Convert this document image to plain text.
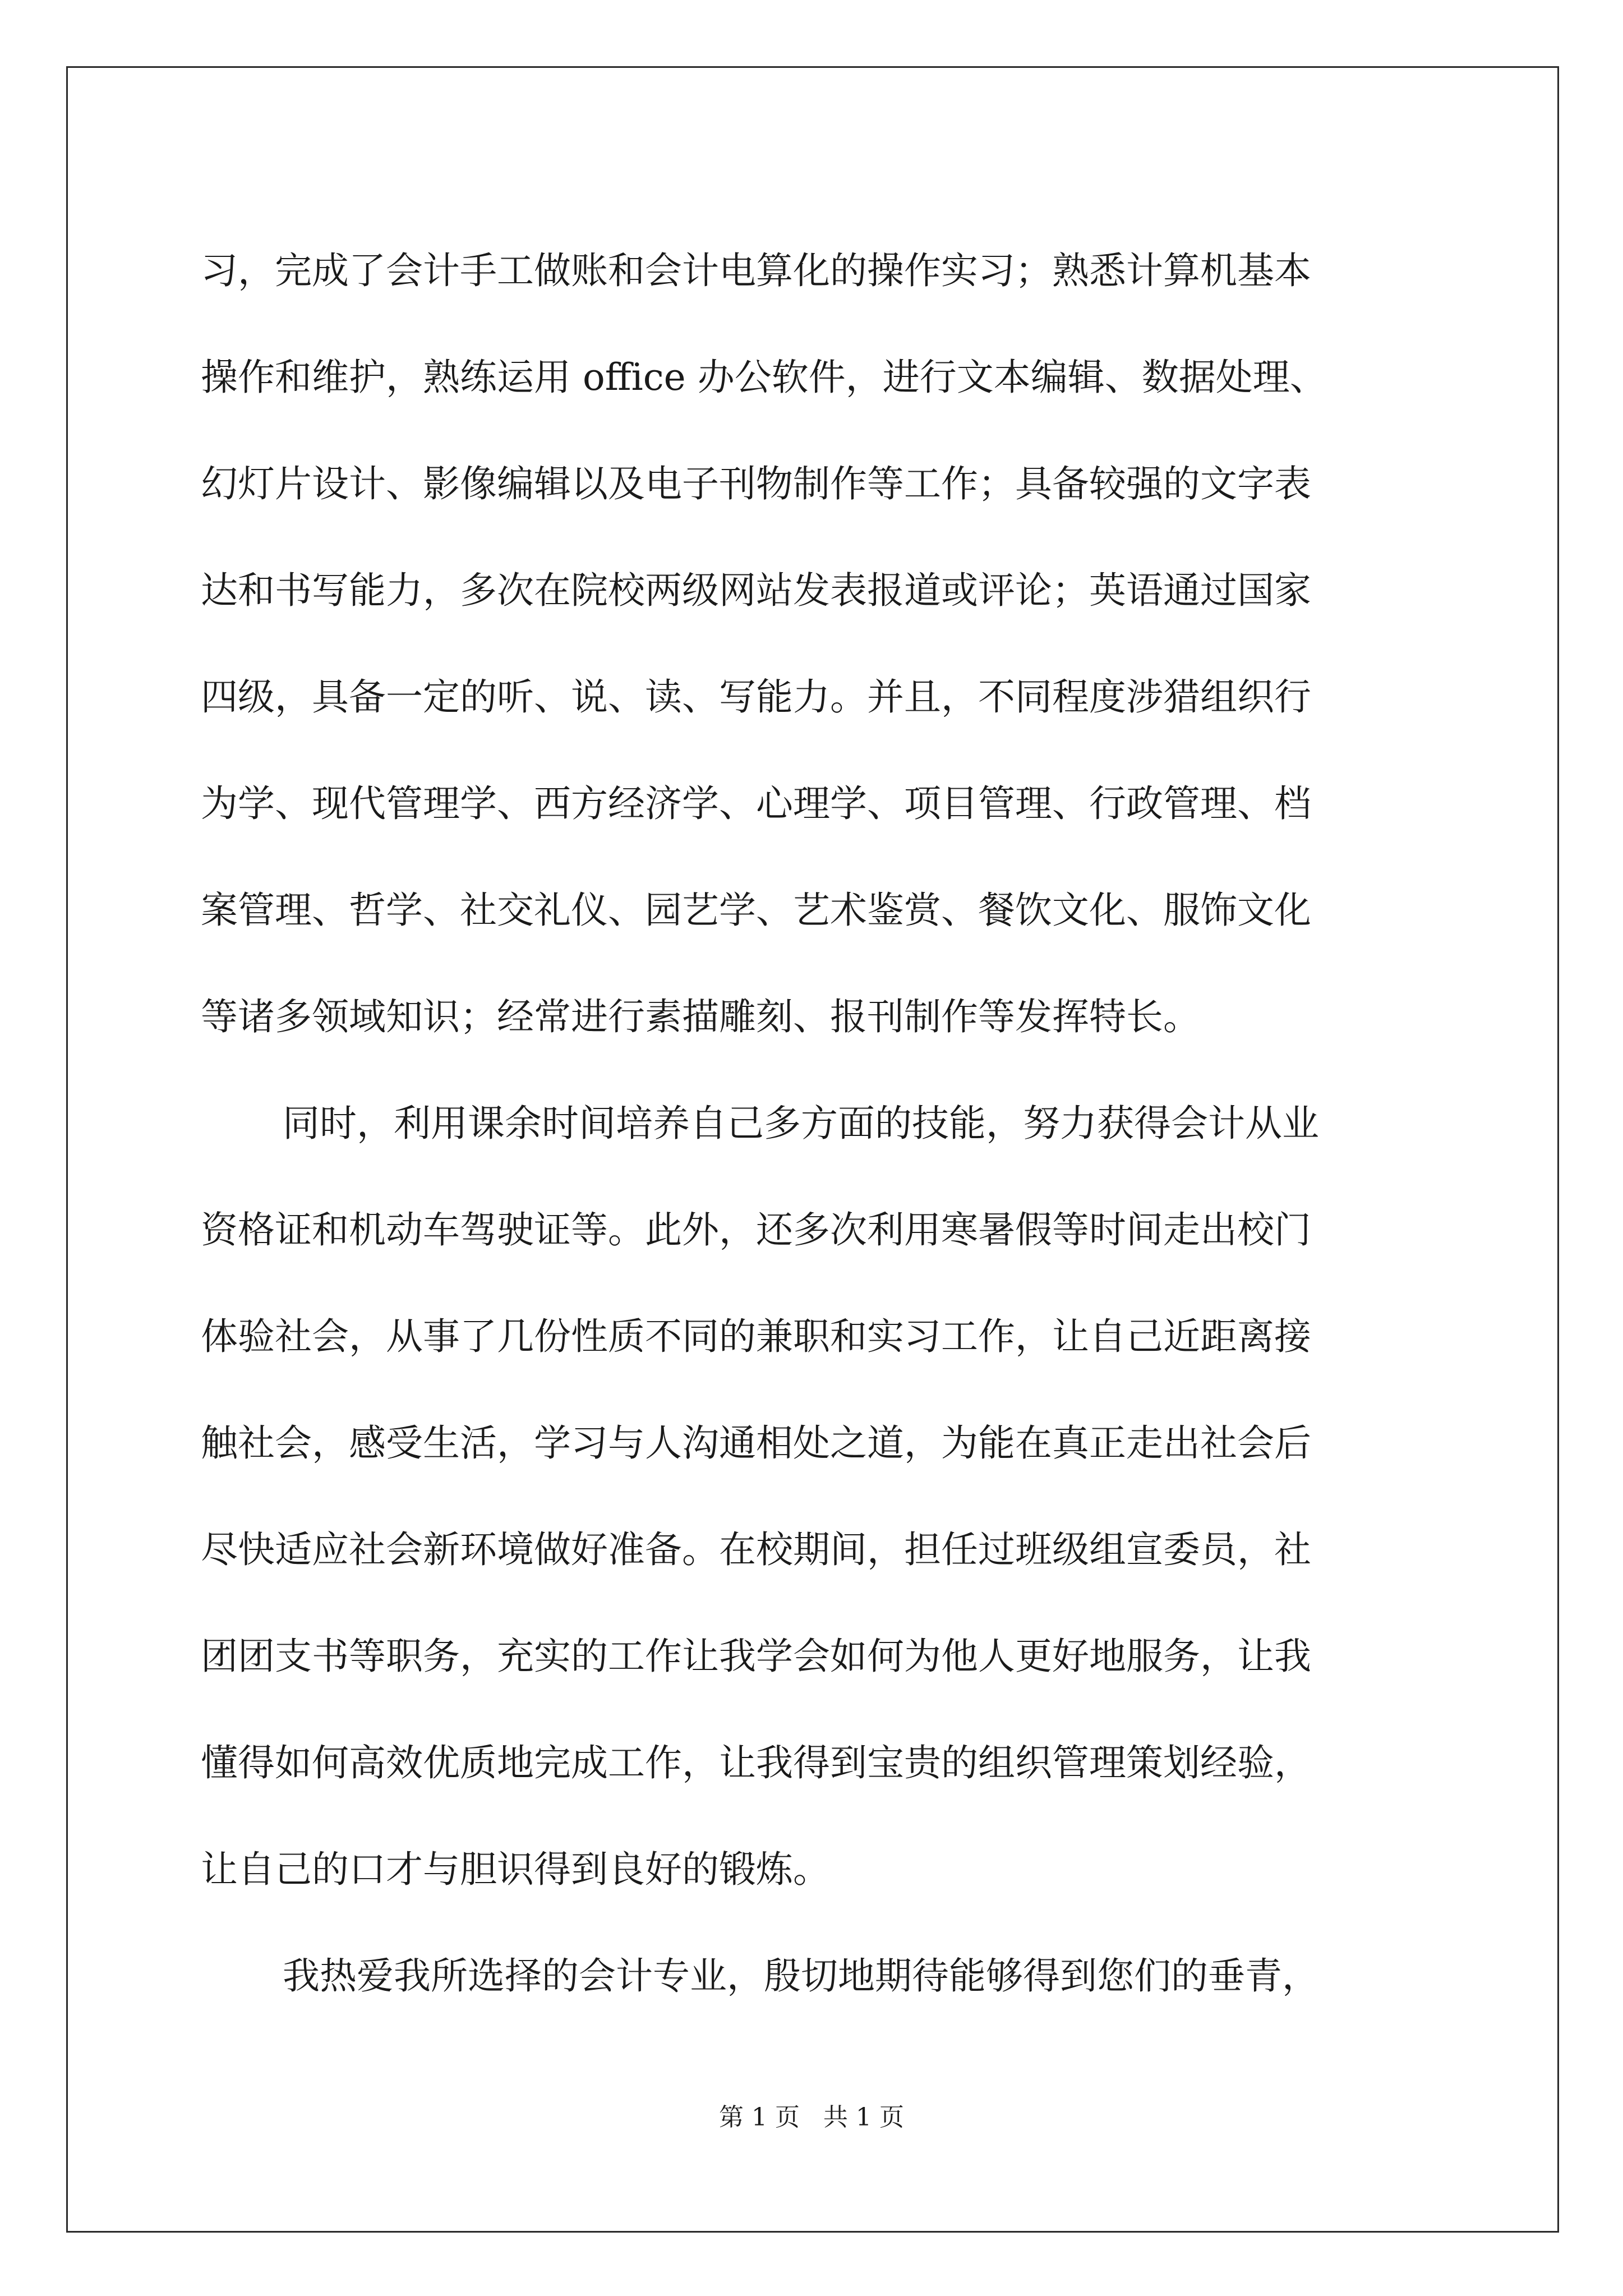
习，完成了会计手工做账和会计电算化的操作实习；熟悉计算机基本
操作和维护，熟练运用 office 办公软件，进行文本编辑、数据处理、
幻灯片设计、影像编辑以及电子刊物制作等工作；具备较强的文字表
达和书写能力，多次在院校两级网站发表报道或评论；英语通过国家
四级，具备一定的听、说、读、写能力。并且，不同程度涉猎组织行
为学、现代管理学、西方经济学、心理学、项目管理、行政管理、档
案管理、哲学、社交礼仪、园艺学、艺术鉴赏、餐饮文化、服饰文化
等诸多领域知识；经常进行素描雕刻、报刊制作等发挥特长。
同时，利用课余时间培养自己多方面的技能，努力获得会计从业
资格证和机动车驾驶证等。此外，还多次利用寒暑假等时间走出校门
体验社会，从事了几份性质不同的兼职和实习工作，让自己近距离接
触社会，感受生活，学习与人沟通相处之道，为能在真正走出社会后
尽快适应社会新环境做好准备。在校期间，担任过班级组宣委员，社
团团支书等职务，充实的工作让我学会如何为他人更好地服务，让我
懂得如何高效优质地完成工作，让我得到宝贵的组织管理策划经验，
让自己的口才与胆识得到良好的锻炼。
我热爱我所选择的会计专业，殷切地期待能够得到您们的垂青，
第 1 页   共 1 页
